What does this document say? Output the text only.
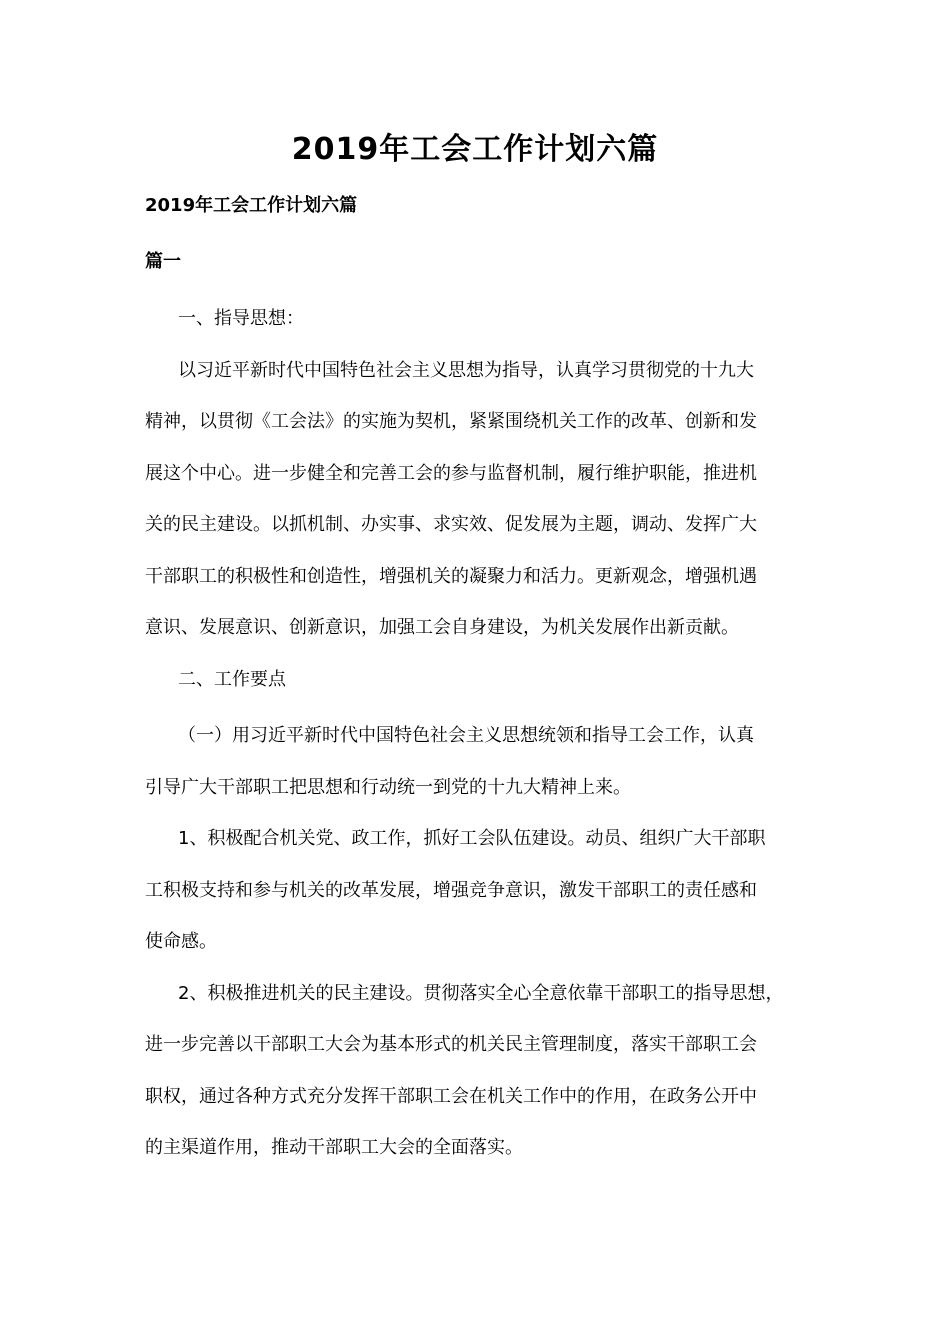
2019年工会工作计划六篇
2019年工会工作计划六篇
篇一
一、指导思想：
以习近平新时代中国特色社会主义思想为指导，认真学习贯彻党的十九大
精神，以贯彻《工会法》的实施为契机，紧紧围绕机关工作的改革、创新和发
展这个中心。进一步健全和完善工会的参与监督机制，履行维护职能，推进机
关的民主建设。以抓机制、办实事、求实效、促发展为主题，调动、发挥广大
干部职工的积极性和创造性，增强机关的凝聚力和活力。更新观念，增强机遇
意识、发展意识、创新意识，加强工会自身建设，为机关发展作出新贡献。
二、工作要点
（一）用习近平新时代中国特色社会主义思想统领和指导工会工作，认真
引导广大干部职工把思想和行动统一到党的十九大精神上来。
1、积极配合机关党、政工作，抓好工会队伍建设。动员、组织广大干部职
工积极支持和参与机关的改革发展，增强竞争意识，激发干部职工的责任感和
使命感。
2、积极推进机关的民主建设。贯彻落实全心全意依靠干部职工的指导思想，
进一步完善以干部职工大会为基本形式的机关民主管理制度，落实干部职工会
职权，通过各种方式充分发挥干部职工会在机关工作中的作用，在政务公开中
的主渠道作用，推动干部职工大会的全面落实。
